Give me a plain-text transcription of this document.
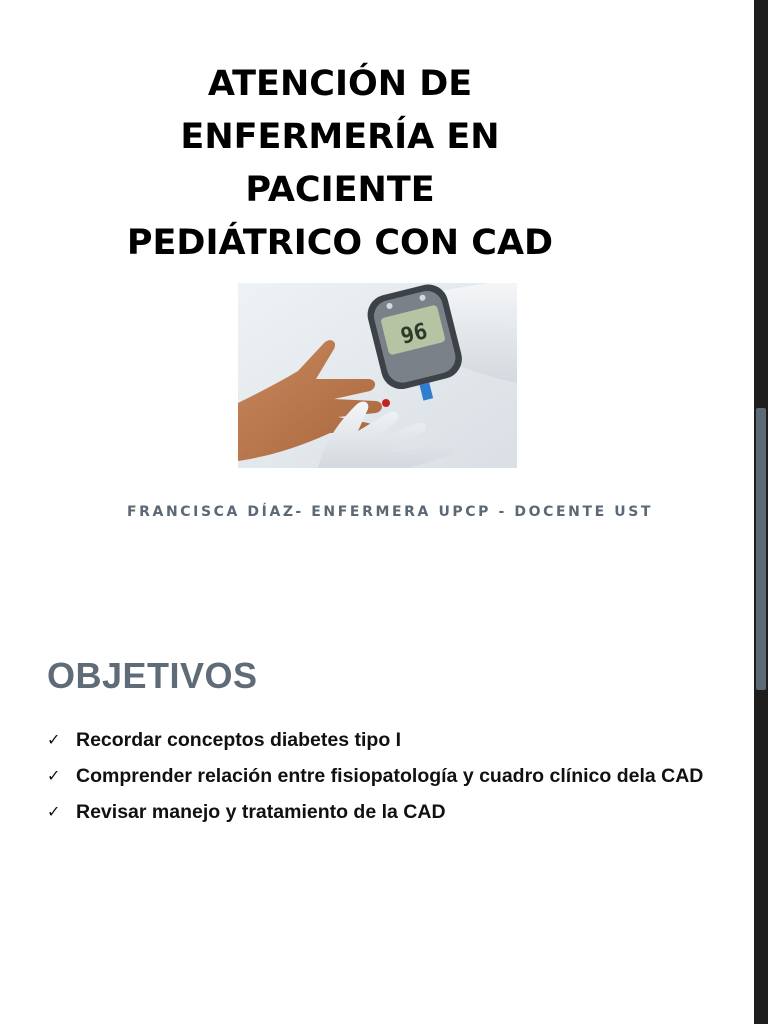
ATENCIÓN DE
ENFERMERÍA EN
PACIENTE
PEDIÁTRICO CON CAD
96
FRANCISCA DÍAZ- ENFERMERA UPCP - DOCENTE UST
OBJETIVOS
✓ Recordar conceptos diabetes tipo I
✓ Comprender relación entre fisiopatología y cuadro clínico dela CAD
✓ Revisar manejo y tratamiento de la CAD
